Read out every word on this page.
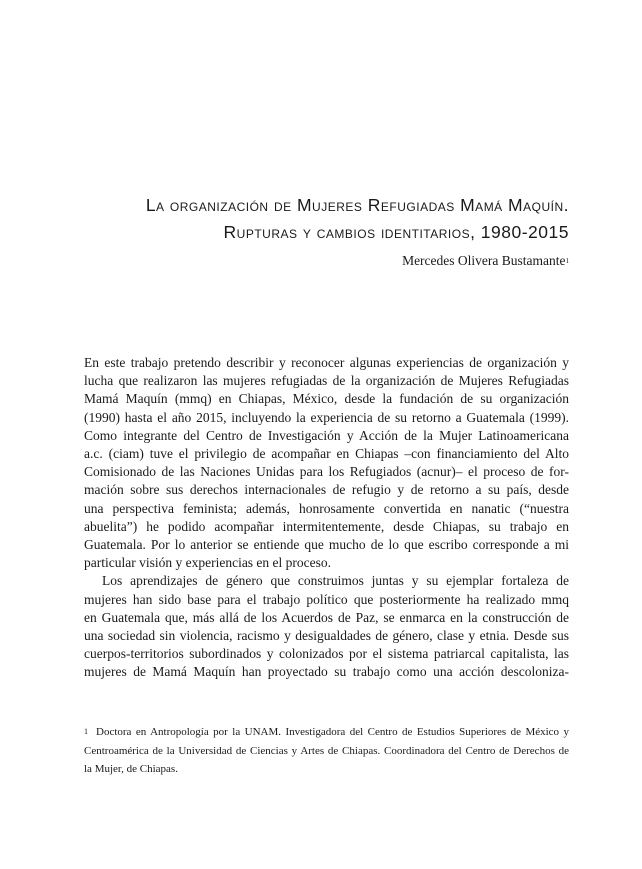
La organización de Mujeres Refugiadas Mamá Maquín.
Rupturas y cambios identitarios, 1980-2015
Mercedes Olivera Bustamante$^1$

En este trabajo pretendo describir y reconocer algunas experiencias de organización y
lucha que realizaron las mujeres refugiadas de la organización de Mujeres Refugiadas
Mamá Maquín (mmq) en Chiapas, México, desde la fundación de su organización
(1990) hasta el año 2015, incluyendo la experiencia de su retorno a Guatemala (1999).
Como integrante del Centro de Investigación y Acción de la Mujer Latinoamericana
a.c. (ciam) tuve el privilegio de acompañar en Chiapas –con financiamiento del Alto
Comisionado de las Naciones Unidas para los Refugiados (acnur)– el proceso de for-
mación sobre sus derechos internacionales de refugio y de retorno a su país, desde
una perspectiva feminista; además, honrosamente convertida en nanatic (“nuestra
abuelita”) he podido acompañar intermitentemente, desde Chiapas, su trabajo en
Guatemala. Por lo anterior se entiende que mucho de lo que escribo corresponde a mi
particular visión y experiencias en el proceso.

Los aprendizajes de género que construimos juntas y su ejemplar fortaleza de
mujeres han sido base para el trabajo político que posteriormente ha realizado mmq
en Guatemala que, más allá de los Acuerdos de Paz, se enmarca en la construcción de
una sociedad sin violencia, racismo y desigualdades de género, clase y etnia. Desde sus
cuerpos-territorios subordinados y colonizados por el sistema patriarcal capitalista, las
mujeres de Mamá Maquín han proyectado su trabajo como una acción descoloniza-

$^1$ Doctora en Antropología por la UNAM. Investigadora del Centro de Estudios Superiores de México y
Centroamérica de la Universidad de Ciencias y Artes de Chiapas. Coordinadora del Centro de Derechos de
la Mujer, de Chiapas.
